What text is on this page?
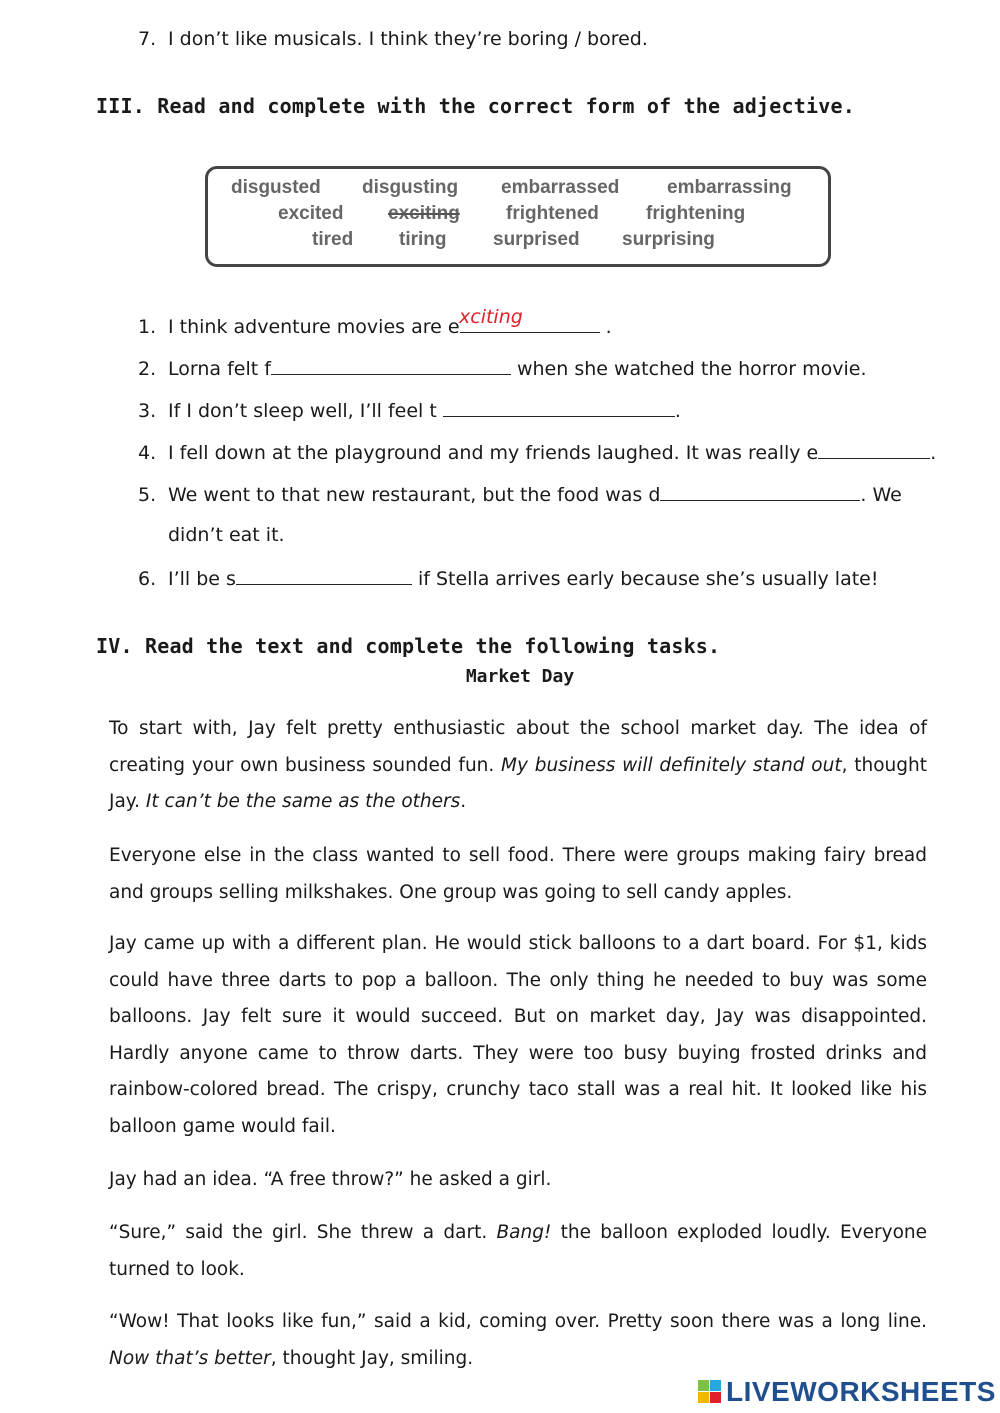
7. I don’t like musicals. I think they’re boring / bored.
III. Read and complete with the correct form of the adjective.
disgusted disgusting embarrassed	embarrassing
excited exciting frightened frightening
tired tiring surprised surprising
1. I think adventure movies are e	.
xciting
2. Lorna felt f	when she watched the horror movie.
3. If I don’t sleep well, I’ll feel t	.
4. I fell down at the playground and my friends laughed. It was really e	.
5. We went to that new restaurant, but the food was d	. We
didn’t eat it.
6. I’ll be s	if Stella arrives early because she’s usually late!
IV. Read the text and complete the following tasks.
Market Day

To start with, Jay felt pretty enthusiastic about the school market day. The idea of creating your own business sounded fun. My business will definitely stand out, thought Jay. It can’t be the same as the others.

Everyone else in the class wanted to sell food. There were groups making fairy bread and groups selling milkshakes. One group was going to sell candy apples.

Jay came up with a different plan. He would stick balloons to a dart board. For $1, kids could have three darts to pop a balloon. The only thing he needed to buy was some balloons. Jay felt sure it would succeed. But on market day, Jay was disappointed. Hardly anyone came to throw darts. They were too busy buying frosted drinks and rainbow-colored bread. The crispy, crunchy taco stall was a real hit. It looked like his balloon game would fail.

Jay had an idea. “A free throw?” he asked a girl.

“Sure,” said the girl. She threw a dart. Bang! the balloon exploded loudly. Everyone turned to look.

“Wow! That looks like fun,” said a kid, coming over. Pretty soon there was a long line. Now that’s better, thought Jay, smiling.

LIVEWORKSHEETS
